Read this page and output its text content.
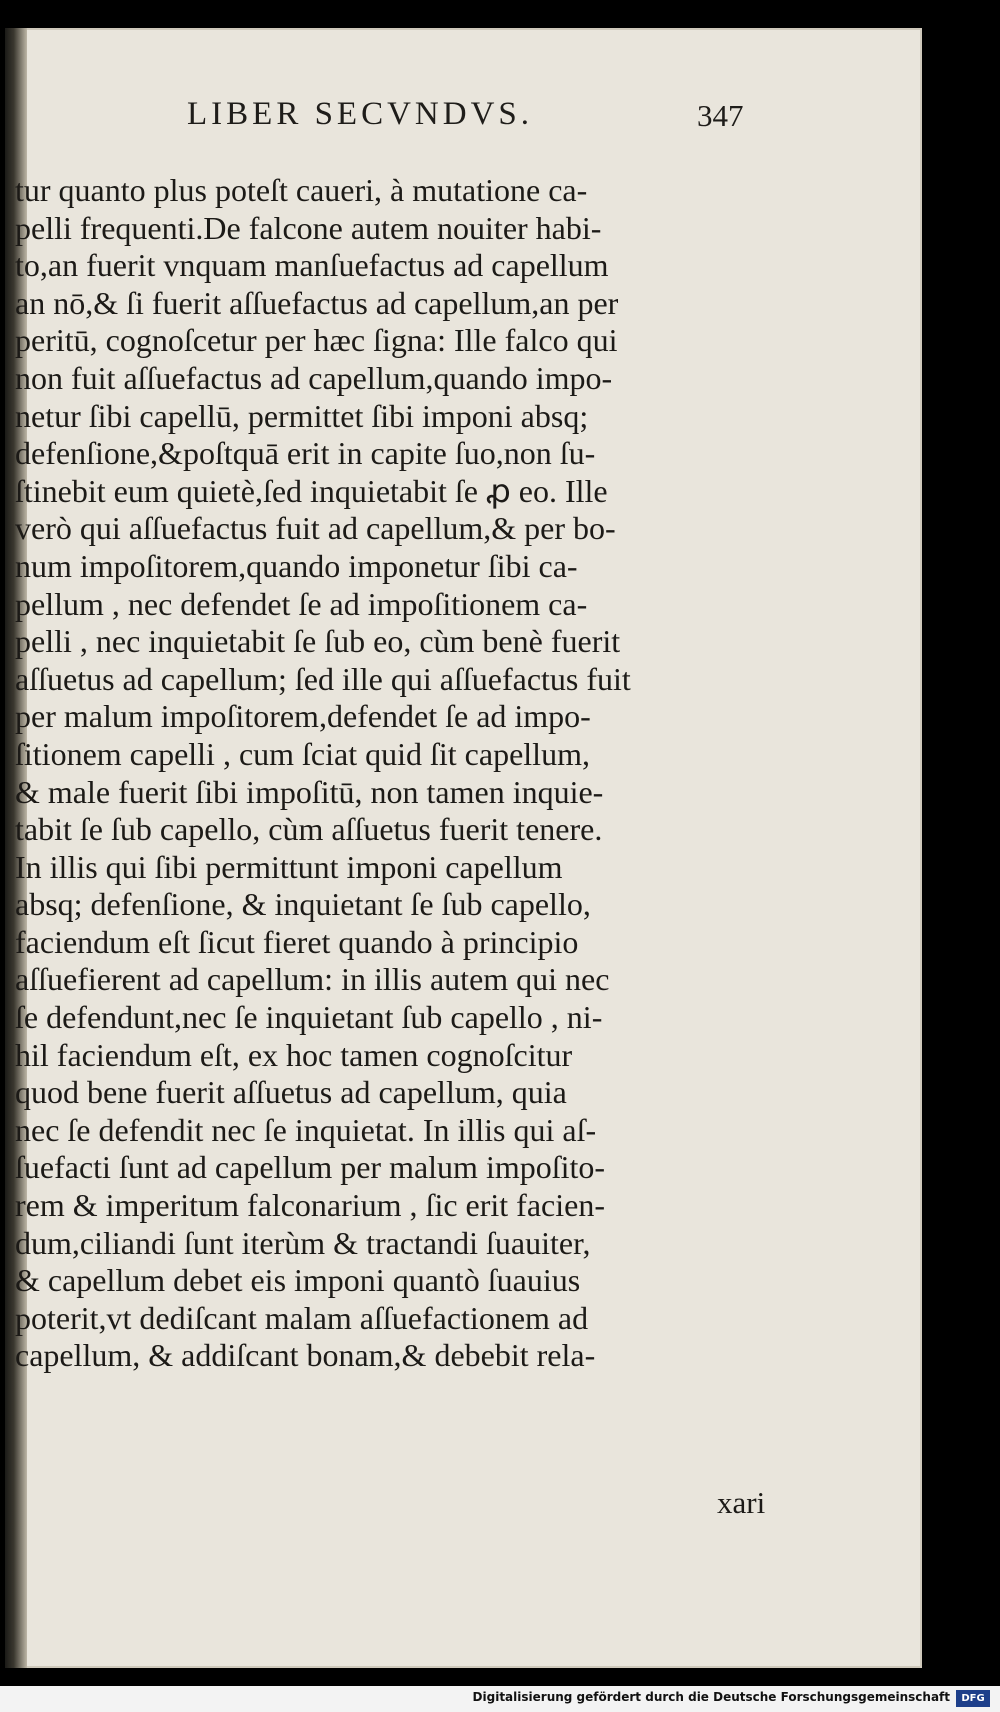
LIBER SECVNDVS.	347
tur quanto plus poteſt caueri, à mutatione ca-
pelli frequenti.De falcone autem nouiter habi-
to,an fuerit vnquam manſuefactus ad capellum
an nō,& ſi fuerit aſſuefactus ad capellum,an per
peritū, cognoſcetur per hæc ſigna: Ille falco qui
non fuit aſſuefactus ad capellum,quando impo-
netur ſibi capellū, permittet ſibi imponi absq;
defenſione,&poſtquā erit in capite ſuo,non ſu-
ſtinebit eum quietè,ſed inquietabit ſe ꝓ eo. Ille
verò qui aſſuefactus fuit ad capellum,& per bo-
num impoſitorem,quando imponetur ſibi ca-
pellum , nec defendet ſe ad impoſitionem ca-
pelli , nec inquietabit ſe ſub eo, cùm benè fuerit
aſſuetus ad capellum; ſed ille qui aſſuefactus fuit
per malum impoſitorem,defendet ſe ad impo-
ſitionem capelli , cum ſciat quid ſit capellum,
& male fuerit ſibi impoſitū, non tamen inquie-
tabit ſe ſub capello, cùm aſſuetus fuerit tenere.
In illis qui ſibi permittunt imponi capellum
absq; defenſione, & inquietant ſe ſub capello,
faciendum eſt ſicut fieret quando à principio
aſſuefierent ad capellum: in illis autem qui nec
ſe defendunt,nec ſe inquietant ſub capello , ni-
hil faciendum eſt, ex hoc tamen cognoſcitur
quod bene fuerit aſſuetus ad capellum, quia
nec ſe defendit nec ſe inquietat. In illis qui aſ-
ſuefacti ſunt ad capellum per malum impoſito-
rem & imperitum falconarium , ſic erit facien-
dum,ciliandi ſunt iterùm & tractandi ſuauiter,
& capellum debet eis imponi quantò ſuauius
poterit,vt dediſcant malam aſſuefactionem ad
capellum, & addiſcant bonam,& debebit rela-
xari
Digitalisierung gefördert durch die Deutsche Forschungsgemeinschaft	DFG
